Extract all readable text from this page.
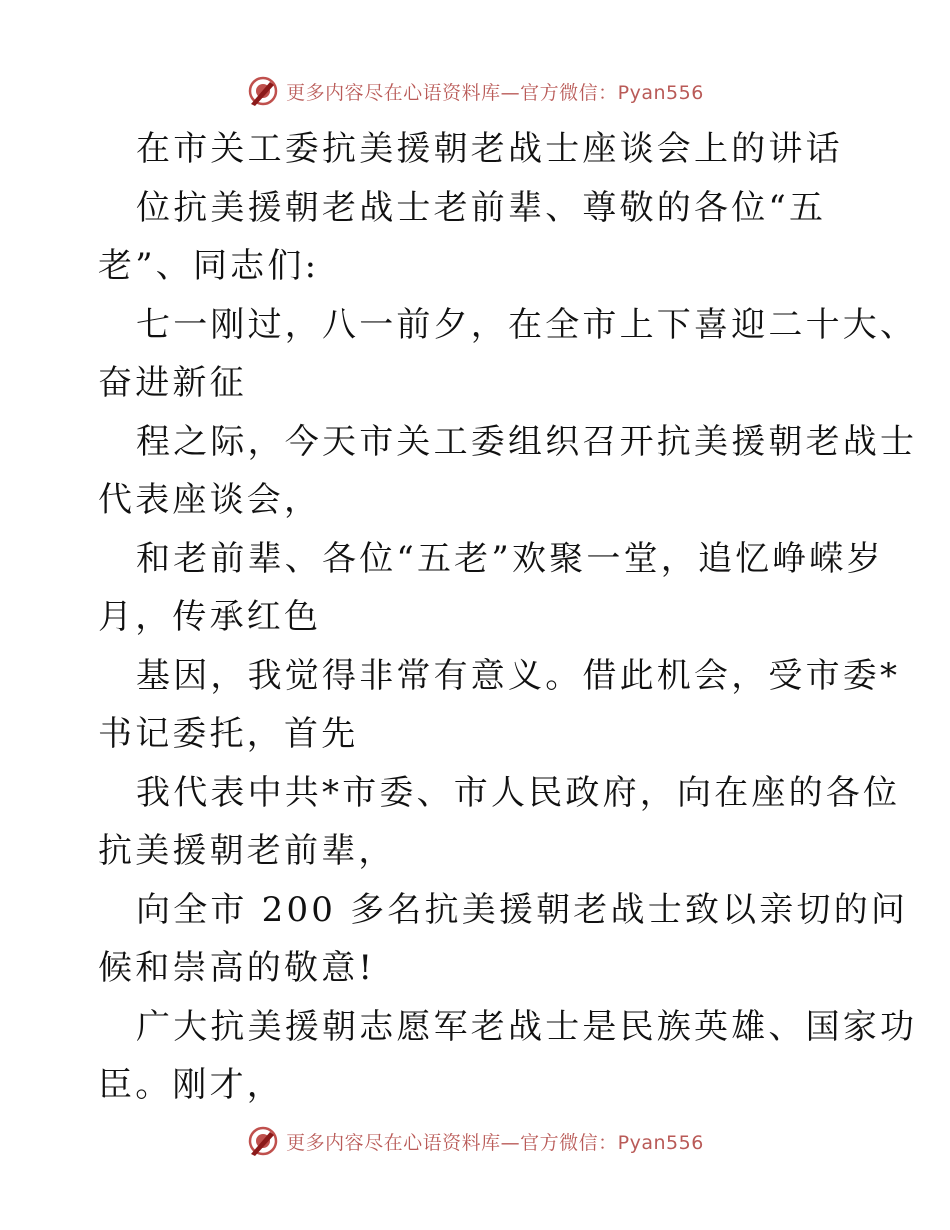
更多内容尽在心语资料库—官方微信：Pyan556
在市关工委抗美援朝老战士座谈会上的讲话
位抗美援朝老战士老前辈、尊敬的各位“五
老”、同志们:
七一刚过，八一前夕，在全市上下喜迎二十大、
奋进新征
程之际，今天市关工委组织召开抗美援朝老战士
代表座谈会，
和老前辈、各位“五老”欢聚一堂，追忆峥嵘岁
月，传承红色
基因，我觉得非常有意义。借此机会，受市委*
书记委托，首先
我代表中共*市委、市人民政府，向在座的各位
抗美援朝老前辈，
向全市 200 多名抗美援朝老战士致以亲切的问
候和崇高的敬意!
广大抗美援朝志愿军老战士是民族英雄、国家功
臣。刚才，
更多内容尽在心语资料库—官方微信：Pyan556
